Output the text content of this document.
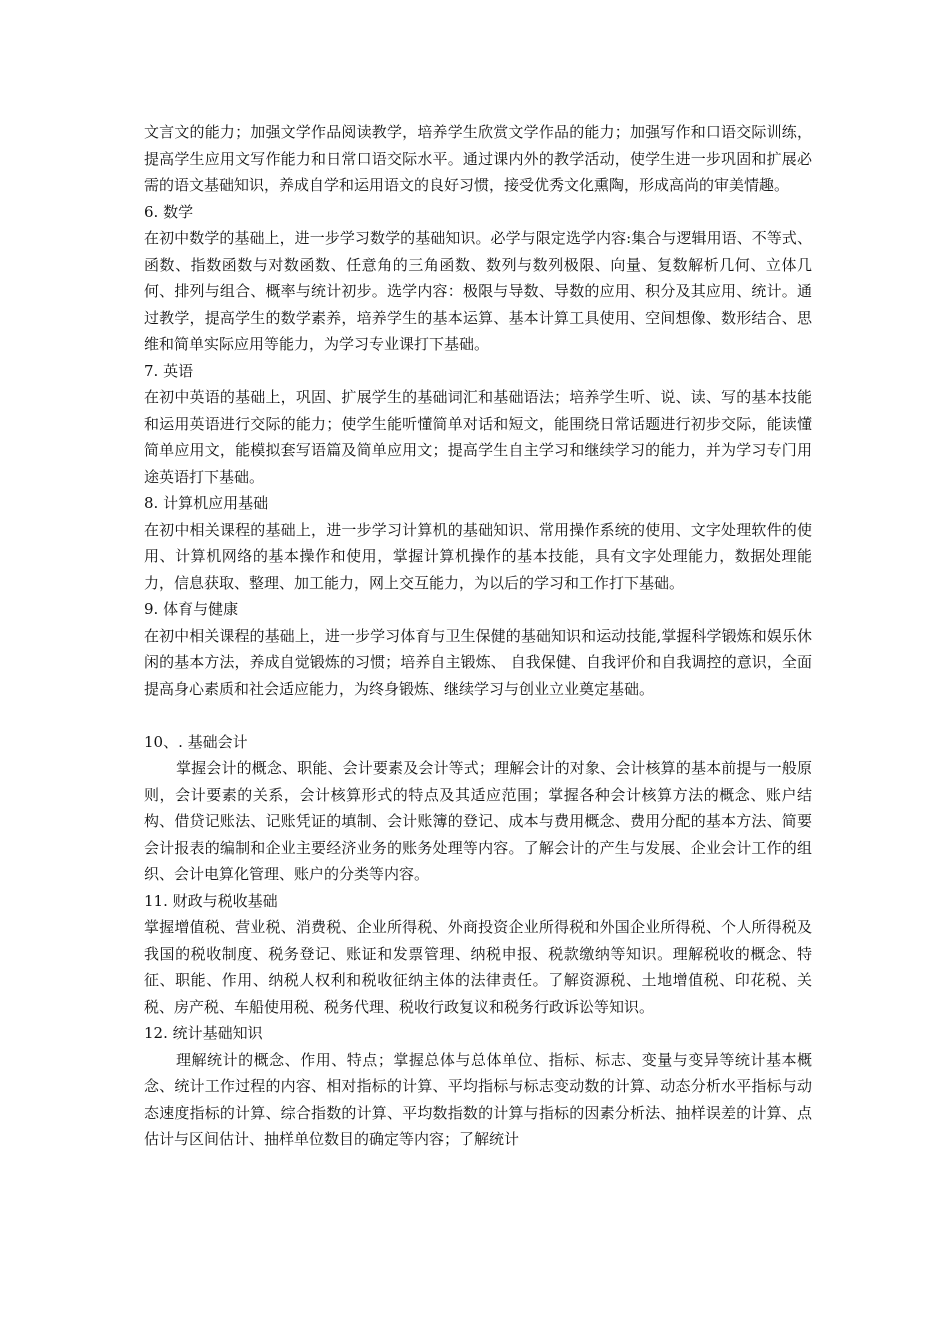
文言文的能力；加强文学作品阅读教学，培养学生欣赏文学作品的能力；加强写作和口语交际训练，提高学生应用文写作能力和日常口语交际水平。通过课内外的教学活动，使学生进一步巩固和扩展必需的语文基础知识，养成自学和运用语文的良好习惯，接受优秀文化熏陶，形成高尚的审美情趣。

6. 数学

在初中数学的基础上，进一步学习数学的基础知识。必学与限定选学内容:集合与逻辑用语、不等式、函数、指数函数与对数函数、任意角的三角函数、数列与数列极限、向量、复数解析几何、立体几何、排列与组合、概率与统计初步。选学内容：极限与导数、导数的应用、积分及其应用、统计。通过教学，提高学生的数学素养，培养学生的基本运算、基本计算工具使用、空间想像、数形结合、思维和简单实际应用等能力，为学习专业课打下基础。

7. 英语

在初中英语的基础上，巩固、扩展学生的基础词汇和基础语法；培养学生听、说、读、写的基本技能和运用英语进行交际的能力；使学生能听懂简单对话和短文，能围绕日常话题进行初步交际，能读懂简单应用文，能模拟套写语篇及简单应用文；提高学生自主学习和继续学习的能力，并为学习专门用途英语打下基础。

8. 计算机应用基础

在初中相关课程的基础上，进一步学习计算机的基础知识、常用操作系统的使用、文字处理软件的使用、计算机网络的基本操作和使用，掌握计算机操作的基本技能，具有文字处理能力，数据处理能力，信息获取、整理、加工能力，网上交互能力，为以后的学习和工作打下基础。

9. 体育与健康

在初中相关课程的基础上，进一步学习体育与卫生保健的基础知识和运动技能,掌握科学锻炼和娱乐休闲的基本方法，养成自觉锻炼的习惯；培养自主锻炼、 自我保健、自我评价和自我调控的意识，全面提高身心素质和社会适应能力，为终身锻炼、继续学习与创业立业奠定基础。

10、. 基础会计

掌握会计的概念、职能、会计要素及会计等式；理解会计的对象、会计核算的基本前提与一般原则，会计要素的关系，会计核算形式的特点及其适应范围；掌握各种会计核算方法的概念、账户结构、借贷记账法、记账凭证的填制、会计账簿的登记、成本与费用概念、费用分配的基本方法、简要会计报表的编制和企业主要经济业务的账务处理等内容。了解会计的产生与发展、企业会计工作的组织、会计电算化管理、账户的分类等内容。

11. 财政与税收基础

掌握增值税、营业税、消费税、企业所得税、外商投资企业所得税和外国企业所得税、个人所得税及我国的税收制度、税务登记、账证和发票管理、纳税申报、税款缴纳等知识。理解税收的概念、特征、职能、作用、纳税人权利和税收征纳主体的法律责任。了解资源税、土地增值税、印花税、关税、房产税、车船使用税、税务代理、税收行政复议和税务行政诉讼等知识。

12. 统计基础知识

理解统计的概念、作用、特点；掌握总体与总体单位、指标、标志、变量与变异等统计基本概念、统计工作过程的内容、相对指标的计算、平均指标与标志变动数的计算、动态分析水平指标与动态速度指标的计算、综合指数的计算、平均数指数的计算与指标的因素分析法、抽样误差的计算、点估计与区间估计、抽样单位数目的确定等内容；了解统计
